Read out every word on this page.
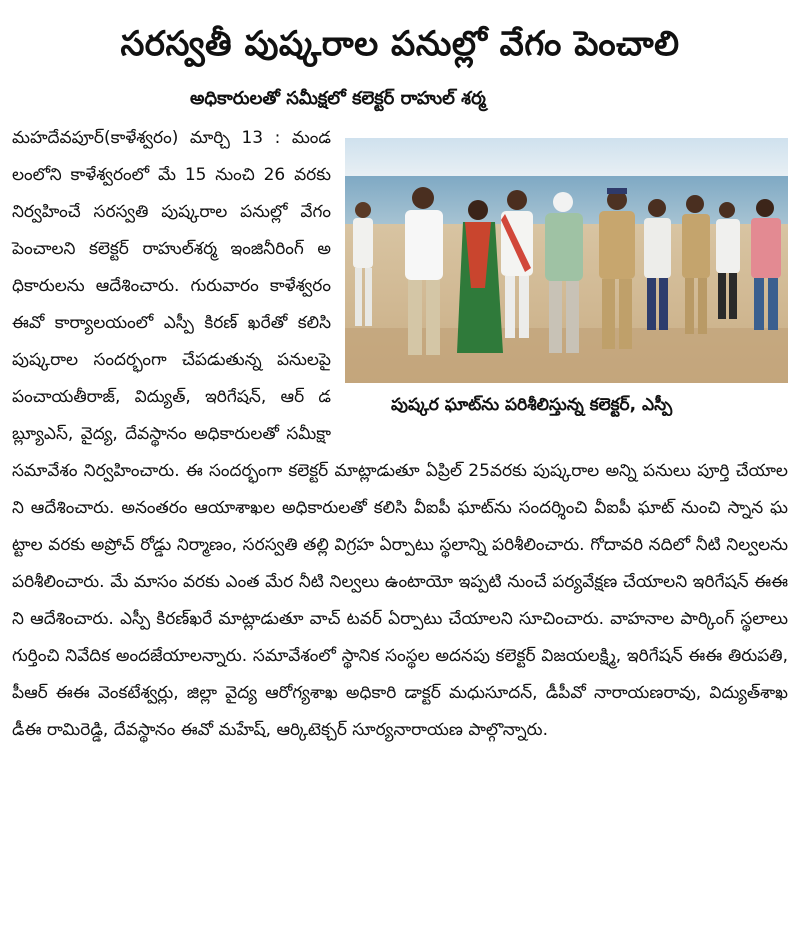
సరస్వతీ పుష్కరాల పనుల్లో వేగం పెంచాలి
అధికారులతో సమీక్షలో కలెక్టర్ రాహుల్ శర్మ
పుష్కర ఘాట్‌ను పరిశీలిస్తున్న కలెక్టర్, ఎస్పీ

మహదేవపూర్(కాళేశ్వరం) మార్చి 13 : మండలంలోని కాళేశ్వరంలో మే 15 నుంచి 26 వరకు నిర్వహించే సరస్వతి పుష్కరాల పనుల్లో వేగం పెంచాలని కలెక్టర్ రాహుల్‌శర్మ ఇంజినీరింగ్ అధికారులను ఆదేశించారు. గురువారం కాళేశ్వరం ఈవో కార్యాలయంలో ఎస్పీ కిరణ్ ఖరేతో కలిసి పుష్కరాల సందర్భంగా చేపడుతున్న పనులపై పంచాయతీరాజ్, విద్యుత్, ఇరిగేషన్, ఆర్ డబ్ల్యూఎస్, వైద్య, దేవస్థానం అధికారులతో సమీక్షా సమావేశం నిర్వహించారు. ఈ సందర్భంగా కలెక్టర్ మాట్లాడుతూ ఏప్రిల్ 25వరకు పుష్కరాల అన్ని పనులు పూర్తి చేయాలని ఆదేశించారు. అనంతరం ఆయాశాఖల అధికారులతో కలిసి వీఐపీ ఘాట్‌ను సందర్శించి వీఐపీ ఘాట్ నుంచి స్నాన ఘట్టాల వరకు అప్రోచ్ రోడ్డు నిర్మాణం, సరస్వతి తల్లి విగ్రహ ఏర్పాటు స్థలాన్ని పరిశీలించారు. గోదావరి నదిలో నీటి నిల్వలను పరిశీలించారు. మే మాసం వరకు ఎంత మేర నీటి నిల్వలు ఉంటాయో ఇప్పటి నుంచే పర్యవేక్షణ చేయాలని ఇరిగేషన్ ఈఈని ఆదేశించారు. ఎస్పీ కిరణ్‌ఖరే మాట్లాడుతూ వాచ్ టవర్ ఏర్పాటు చేయాలని సూచించారు. వాహనాల పార్కింగ్ స్థలాలు గుర్తించి నివేదిక అందజేయాలన్నారు. సమావేశంలో స్థానిక సంస్థల అదనపు కలెక్టర్ విజయలక్ష్మి, ఇరిగేషన్ ఈఈ తిరుపతి, పీఆర్ ఈఈ వెంకటేశ్వర్లు, జిల్లా వైద్య ఆరోగ్యశాఖ అధికారి డాక్టర్ మధుసూదన్, డీపీవో నారాయణరావు, విద్యుత్‌శాఖ డీఈ రామిరెడ్డి, దేవస్థానం ఈవో మహేష్, ఆర్కిటెక్చర్ సూర్యనారాయణ పాల్గొన్నారు.
